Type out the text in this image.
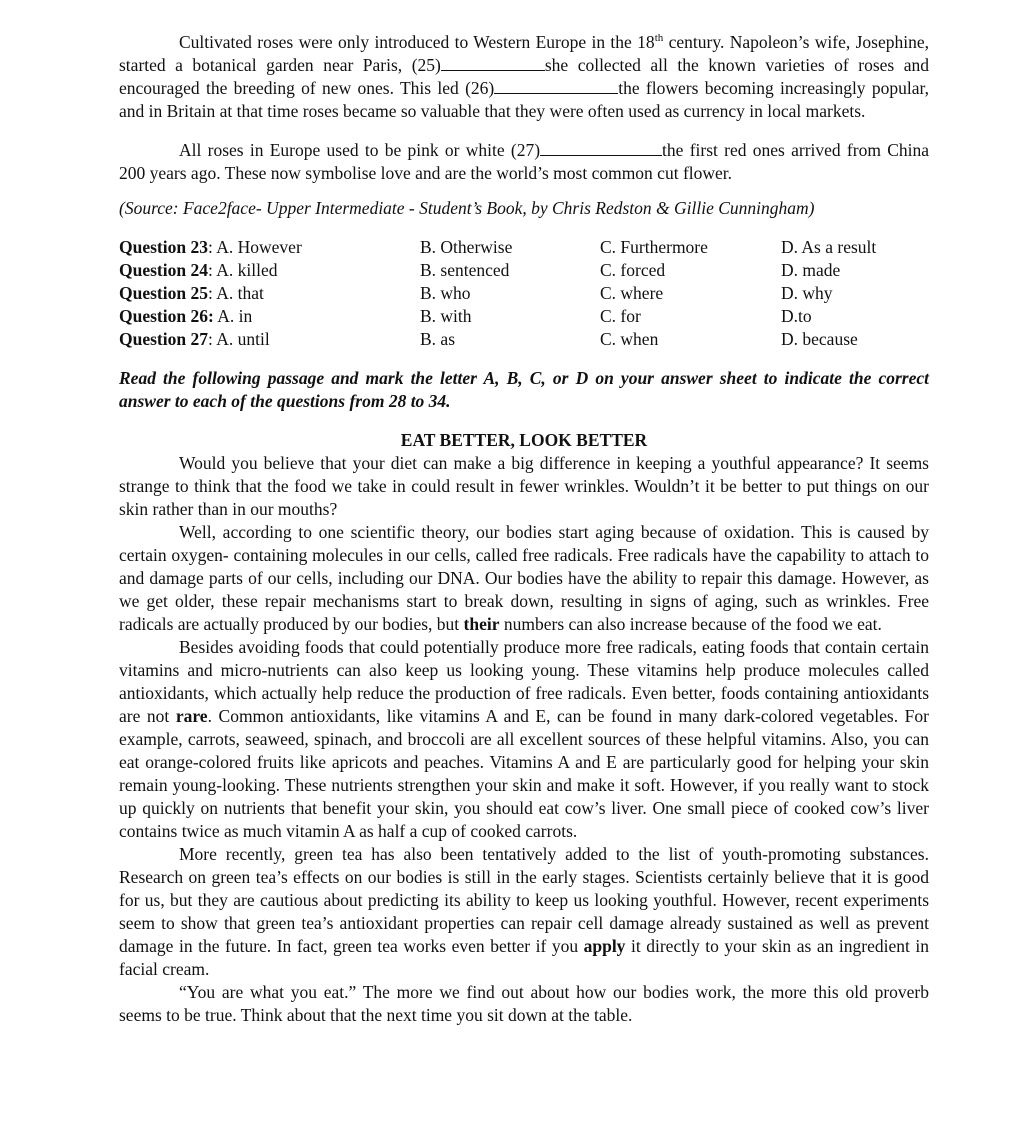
Cultivated roses were only introduced to Western Europe in the 18th century. Napoleon’s wife, Josephine, started a botanical garden near Paris, (25)	she collected all the known varieties of roses and encouraged the breeding of new ones. This led (26)	the flowers becoming increasingly popular, and in Britain at that time roses became so valuable that they were often used as currency in local markets.

All roses in Europe used to be pink or white (27)	the first red ones arrived from China 200 years ago. These now symbolise love and are the world’s most common cut flower.

(Source: Face2face- Upper Intermediate - Student’s Book, by Chris Redston & Gillie Cunningham)

Question 23: A. However	B. Otherwise	C. Furthermore	D. As a result
Question 24: A. killed	B. sentenced	C. forced	D. made
Question 25: A. that	B. who	C. where	D. why
Question 26: A. in	B. with	C. for	D.to
Question 27: A. until	B. as	C. when	D. because

Read the following passage and mark the letter A, B, C, or D on your answer sheet to indicate the correct answer to each of the questions from 28 to 34.

EAT BETTER, LOOK BETTER

Would you believe that your diet can make a big difference in keeping a youthful appearance? It seems strange to think that the food we take in could result in fewer wrinkles. Wouldn’t it be better to put things on our skin rather than in our mouths?

Well, according to one scientific theory, our bodies start aging because of oxidation. This is caused by certain oxygen- containing molecules in our cells, called free radicals. Free radicals have the capability to attach to and damage parts of our cells, including our DNA. Our bodies have the ability to repair this damage. However, as we get older, these repair mechanisms start to break down, resulting in signs of aging, such as wrinkles. Free radicals are actually produced by our bodies, but their numbers can also increase because of the food we eat.

Besides avoiding foods that could potentially produce more free radicals, eating foods that contain certain vitamins and micro-nutrients can also keep us looking young. These vitamins help produce molecules called antioxidants, which actually help reduce the production of free radicals. Even better, foods containing antioxidants are not rare. Common antioxidants, like vitamins A and E, can be found in many dark-colored vegetables. For example, carrots, seaweed, spinach, and broccoli are all excellent sources of these helpful vitamins. Also, you can eat orange-colored fruits like apricots and peaches. Vitamins A and E are particularly good for helping your skin remain young-looking. These nutrients strengthen your skin and make it soft. However, if you really want to stock up quickly on nutrients that benefit your skin, you should eat cow’s liver. One small piece of cooked cow’s liver contains twice as much vitamin A as half a cup of cooked carrots.

More recently, green tea has also been tentatively added to the list of youth-promoting substances. Research on green tea’s effects on our bodies is still in the early stages. Scientists certainly believe that it is good for us, but they are cautious about predicting its ability to keep us looking youthful. However, recent experiments seem to show that green tea’s antioxidant properties can repair cell damage already sustained as well as prevent damage in the future. In fact, green tea works even better if you apply it directly to your skin as an ingredient in facial cream.

“You are what you eat.” The more we find out about how our bodies work, the more this old proverb seems to be true. Think about that the next time you sit down at the table.
